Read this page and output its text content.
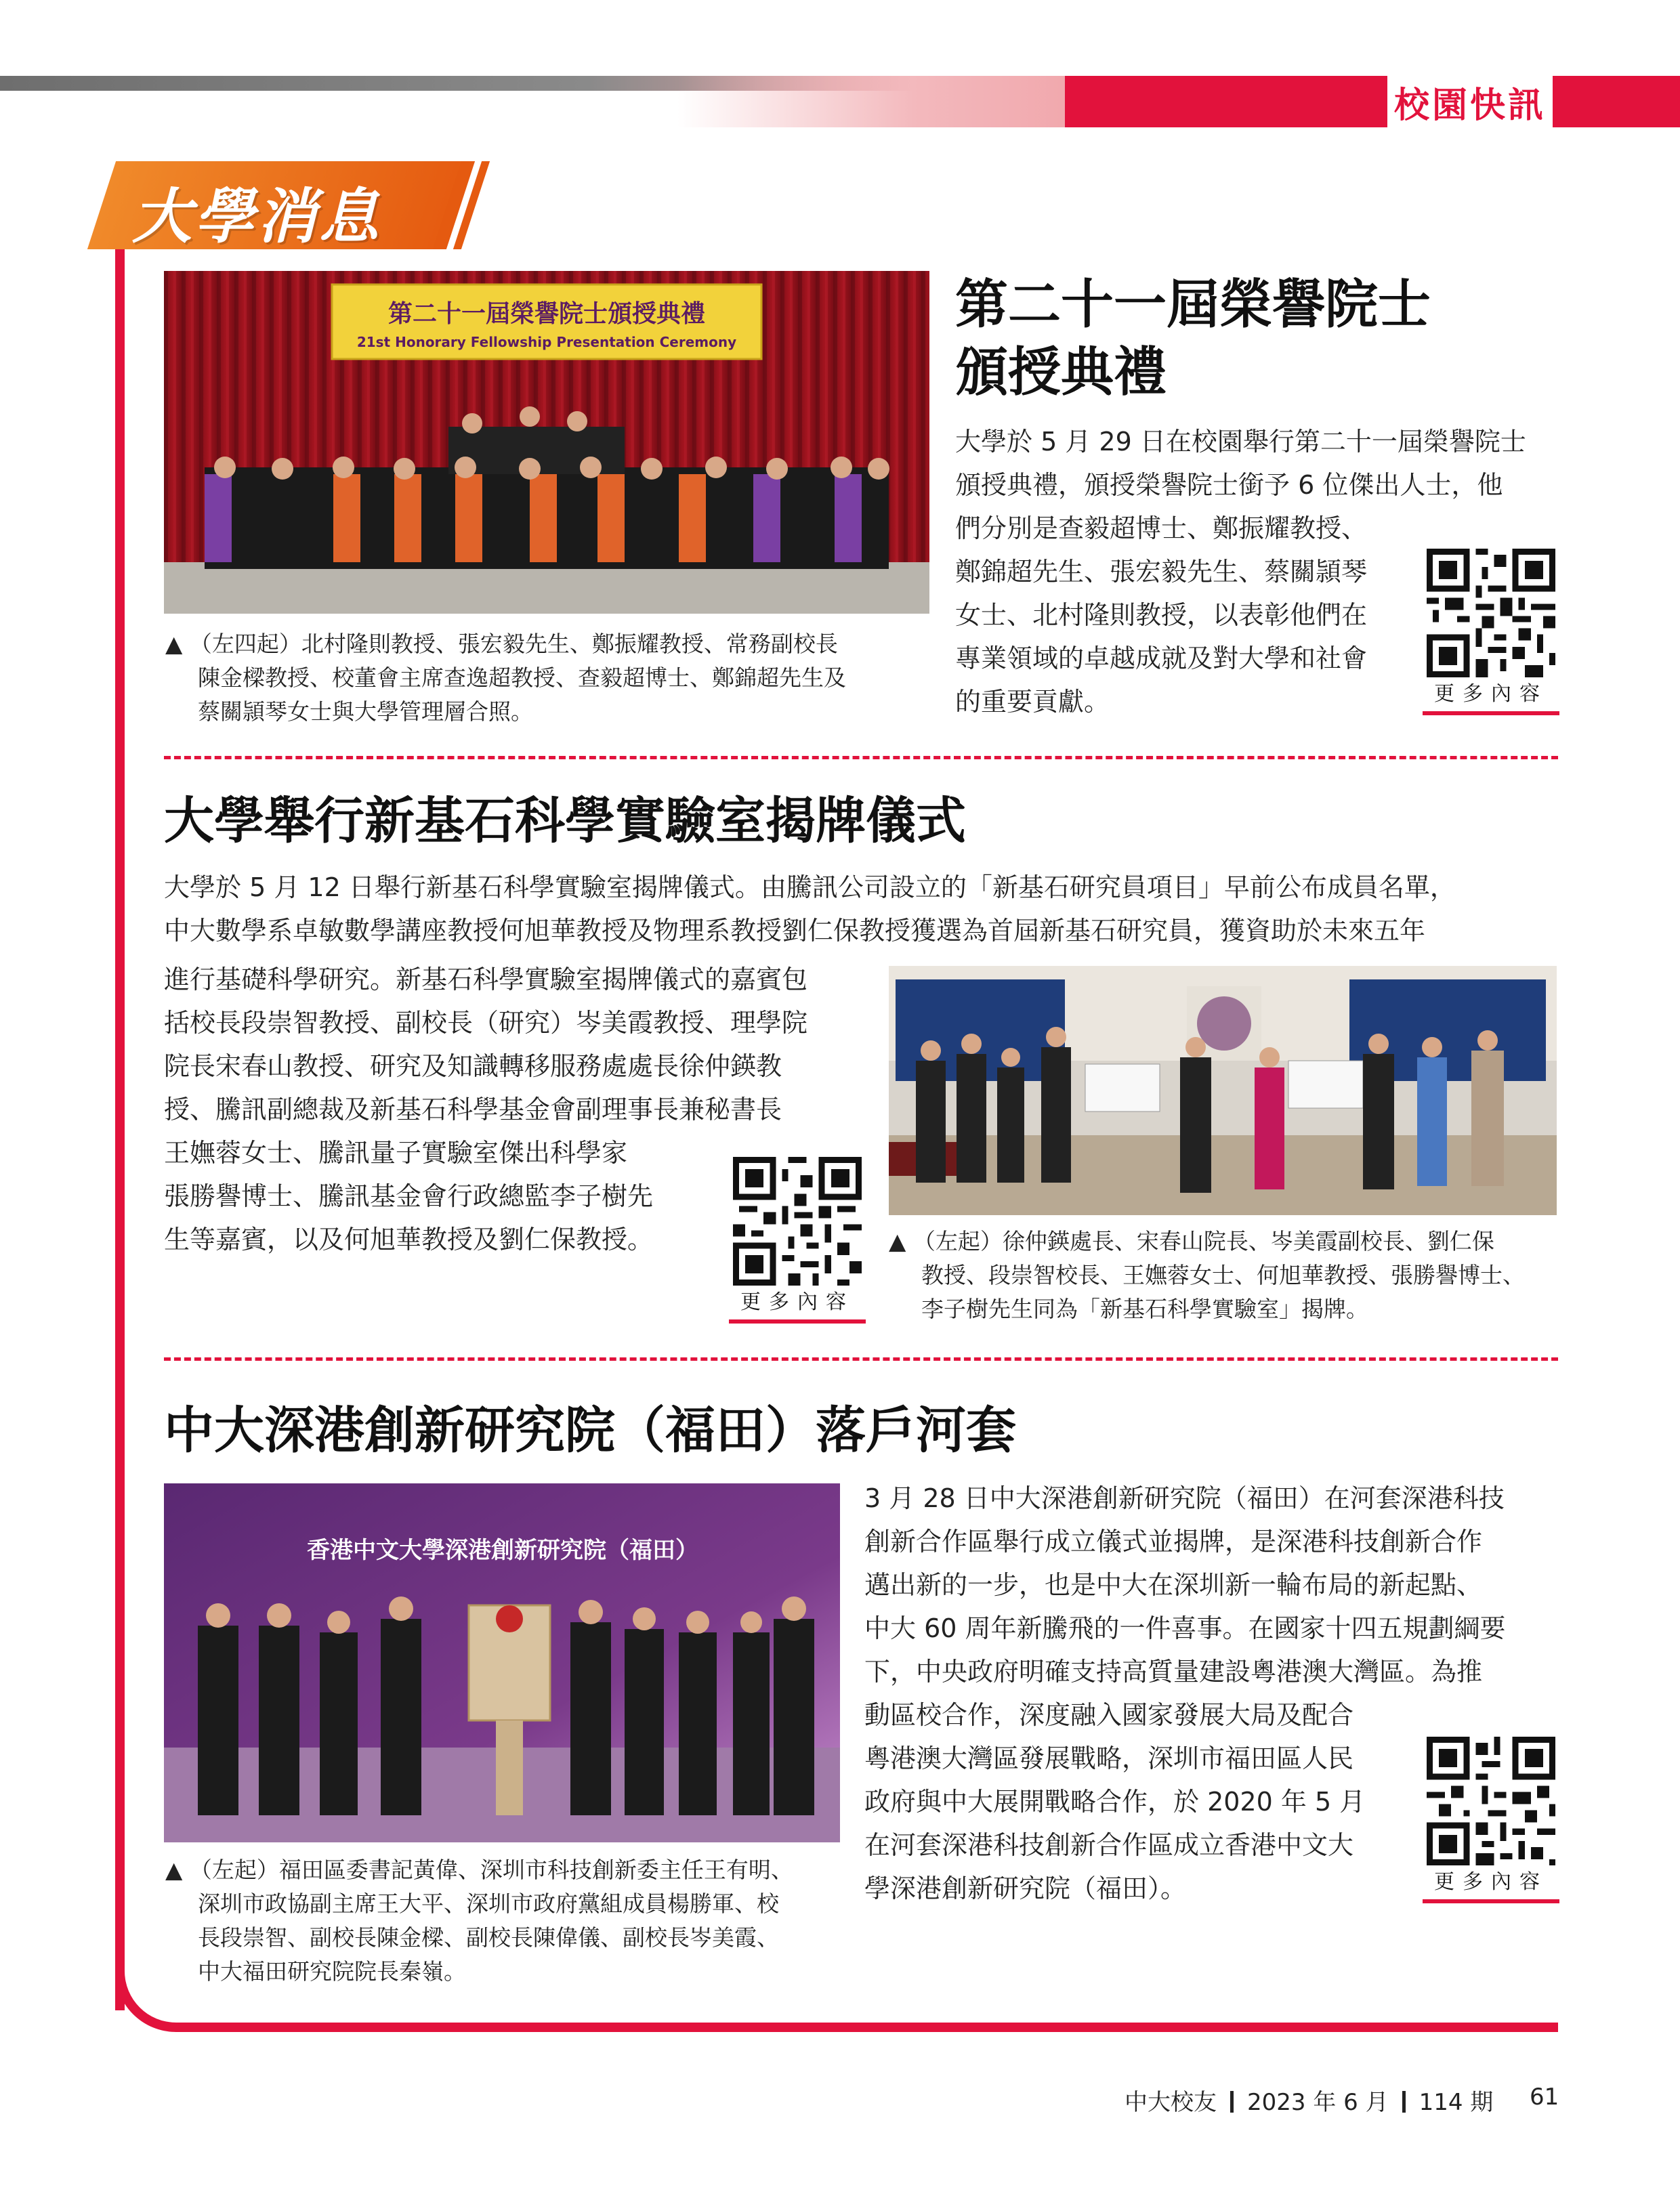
校園快訊
大學消息
第二十一屆榮譽院士頒授典禮
21st Honorary Fellowship Presentation Ceremony
第二十一屆榮譽院士
頒授典禮
大學於 5 月 29 日在校園舉行第二十一屆榮譽院士
頒授典禮，頒授榮譽院士銜予 6 位傑出人士，他
們分別是查毅超博士、鄭振耀教授、
鄭錦超先生、張宏毅先生、蔡關頴琴
女士、北村隆則教授，以表彰他們在
專業領域的卓越成就及對大學和社會
的重要貢獻。
▲ （左四起）北村隆則教授、張宏毅先生、鄭振耀教授、常務副校長
陳金樑教授、校董會主席查逸超教授、查毅超博士、鄭錦超先生及
蔡關頴琴女士與大學管理層合照。
更多內容
大學舉行新基石科學實驗室揭牌儀式
大學於 5 月 12 日舉行新基石科學實驗室揭牌儀式。由騰訊公司設立的「新基石研究員項目」早前公布成員名單，
中大數學系卓敏數學講座教授何旭華教授及物理系教授劉仁保教授獲選為首屆新基石研究員，獲資助於未來五年
進行基礎科學研究。新基石科學實驗室揭牌儀式的嘉賓包
括校長段崇智教授、副校長（研究）岑美霞教授、理學院
院長宋春山教授、研究及知識轉移服務處處長徐仲鍈教
授、騰訊副總裁及新基石科學基金會副理事長兼秘書長
王嫵蓉女士、騰訊量子實驗室傑出科學家
張勝譽博士、騰訊基金會行政總監李子樹先
生等嘉賓，以及何旭華教授及劉仁保教授。
更多內容
▲ （左起）徐仲鍈處長、宋春山院長、岑美霞副校長、劉仁保
教授、段崇智校長、王嫵蓉女士、何旭華教授、張勝譽博士、
李子樹先生同為「新基石科學實驗室」揭牌。
中大深港創新研究院（福田）落戶河套
香港中文大學深港創新研究院（福田）
3 月 28 日中大深港創新研究院（福田）在河套深港科技
創新合作區舉行成立儀式並揭牌，是深港科技創新合作
邁出新的一步，也是中大在深圳新一輪布局的新起點、
中大 60 周年新騰飛的一件喜事。在國家十四五規劃綱要
下，中央政府明確支持高質量建設粵港澳大灣區。為推
動區校合作，深度融入國家發展大局及配合
粵港澳大灣區發展戰略，深圳市福田區人民
政府與中大展開戰略合作，於 2020 年 5 月
在河套深港科技創新合作區成立香港中文大
學深港創新研究院（福田）。	更多內容
▲ （左起）福田區委書記黃偉、深圳市科技創新委主任王有明、
深圳市政協副主席王大平、深圳市政府黨組成員楊勝軍、校
長段崇智、副校長陳金樑、副校長陳偉儀、副校長岑美霞、
中大福田研究院院長秦嶺。
中大校友 2023 年 6 月 114 期 61
